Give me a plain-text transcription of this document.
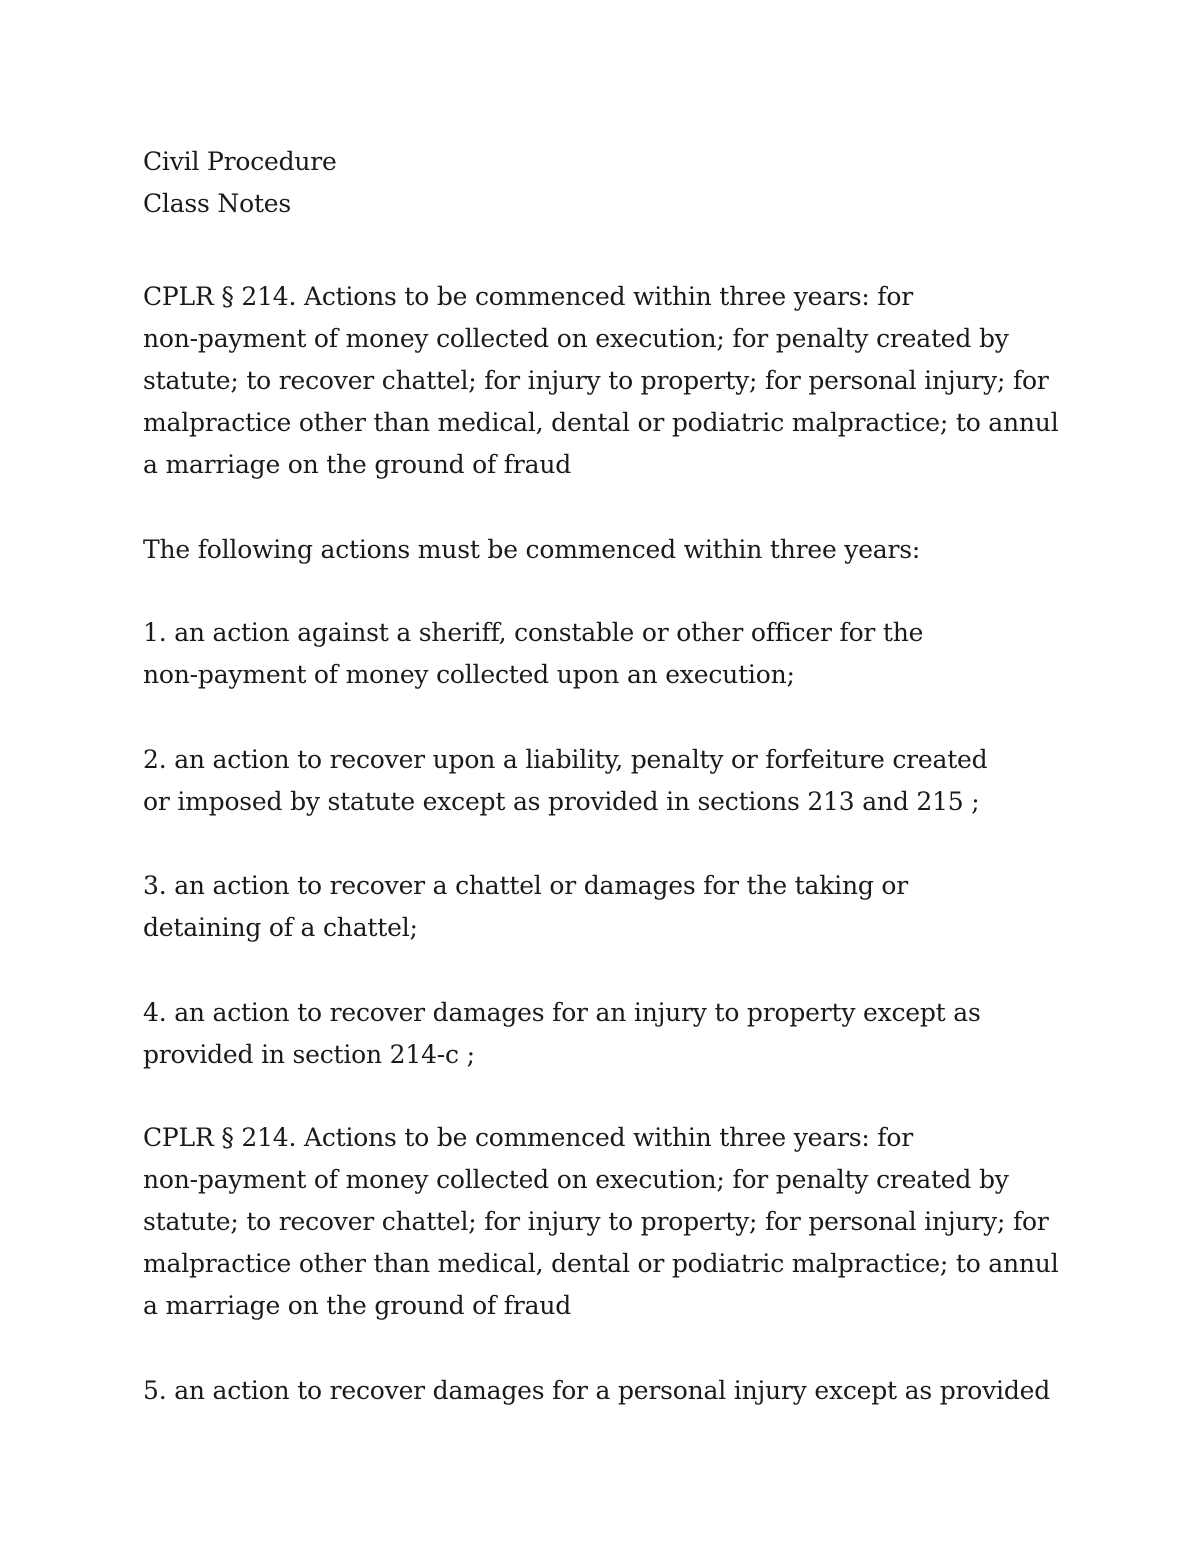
Civil Procedure
Class Notes
CPLR § 214. Actions to be commenced within three years: for
non-payment of money collected on execution; for penalty created by
statute; to recover chattel; for injury to property; for personal injury; for
malpractice other than medical, dental or podiatric malpractice; to annul
a marriage on the ground of fraud
The following actions must be commenced within three years:
1. an action against a sheriff, constable or other officer for the
non-payment of money collected upon an execution;
2. an action to recover upon a liability, penalty or forfeiture created
or imposed by statute except as provided in sections 213 and 215 ;
3. an action to recover a chattel or damages for the taking or
detaining of a chattel;
4. an action to recover damages for an injury to property except as
provided in section 214-c ;
CPLR § 214. Actions to be commenced within three years: for
non-payment of money collected on execution; for penalty created by
statute; to recover chattel; for injury to property; for personal injury; for
malpractice other than medical, dental or podiatric malpractice; to annul
a marriage on the ground of fraud
5. an action to recover damages for a personal injury except as provided
